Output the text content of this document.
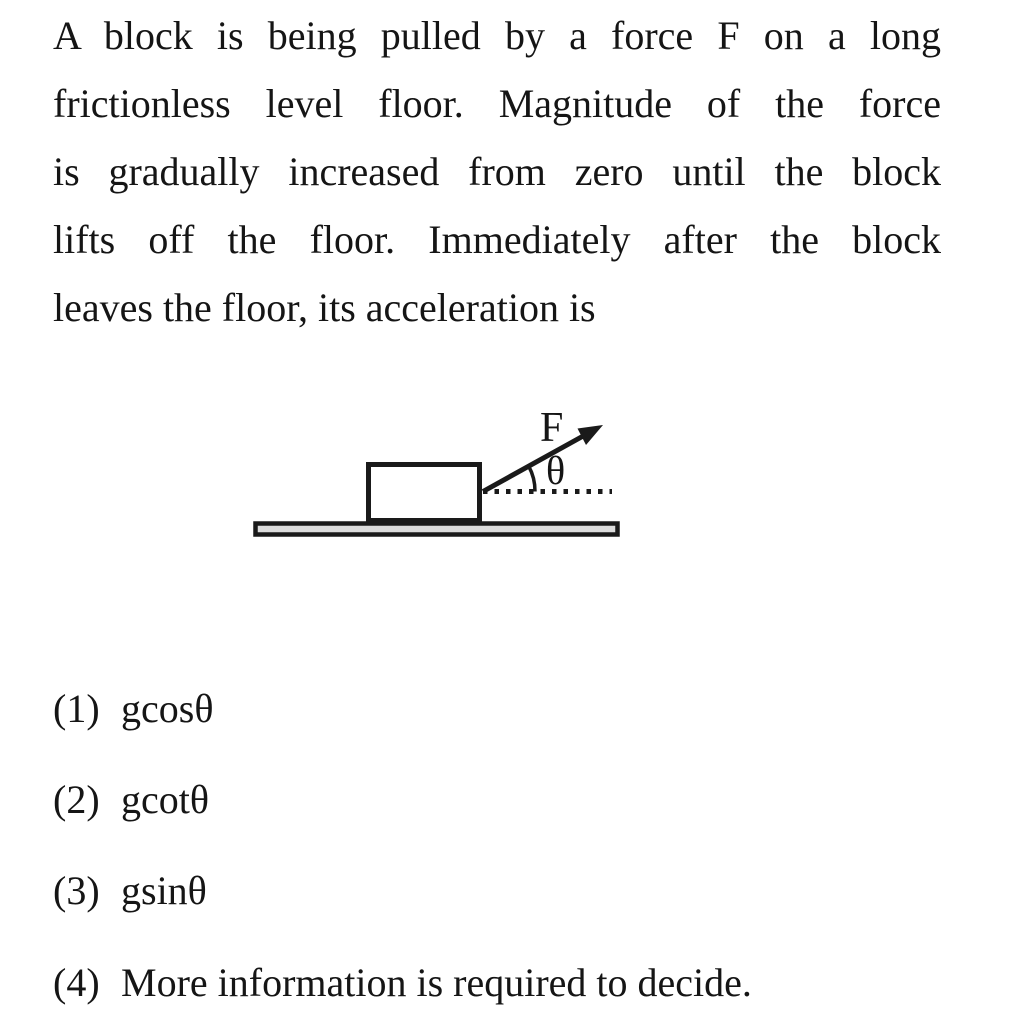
A block is being pulled by a force F on a long
frictionless level floor. Magnitude of the force
is gradually increased from zero until the block
lifts off the floor. Immediately after the block
leaves the floor, its acceleration is
F
θ
(1) gcosθ
(2) gcotθ
(3) gsinθ
(4) More information is required to decide.
